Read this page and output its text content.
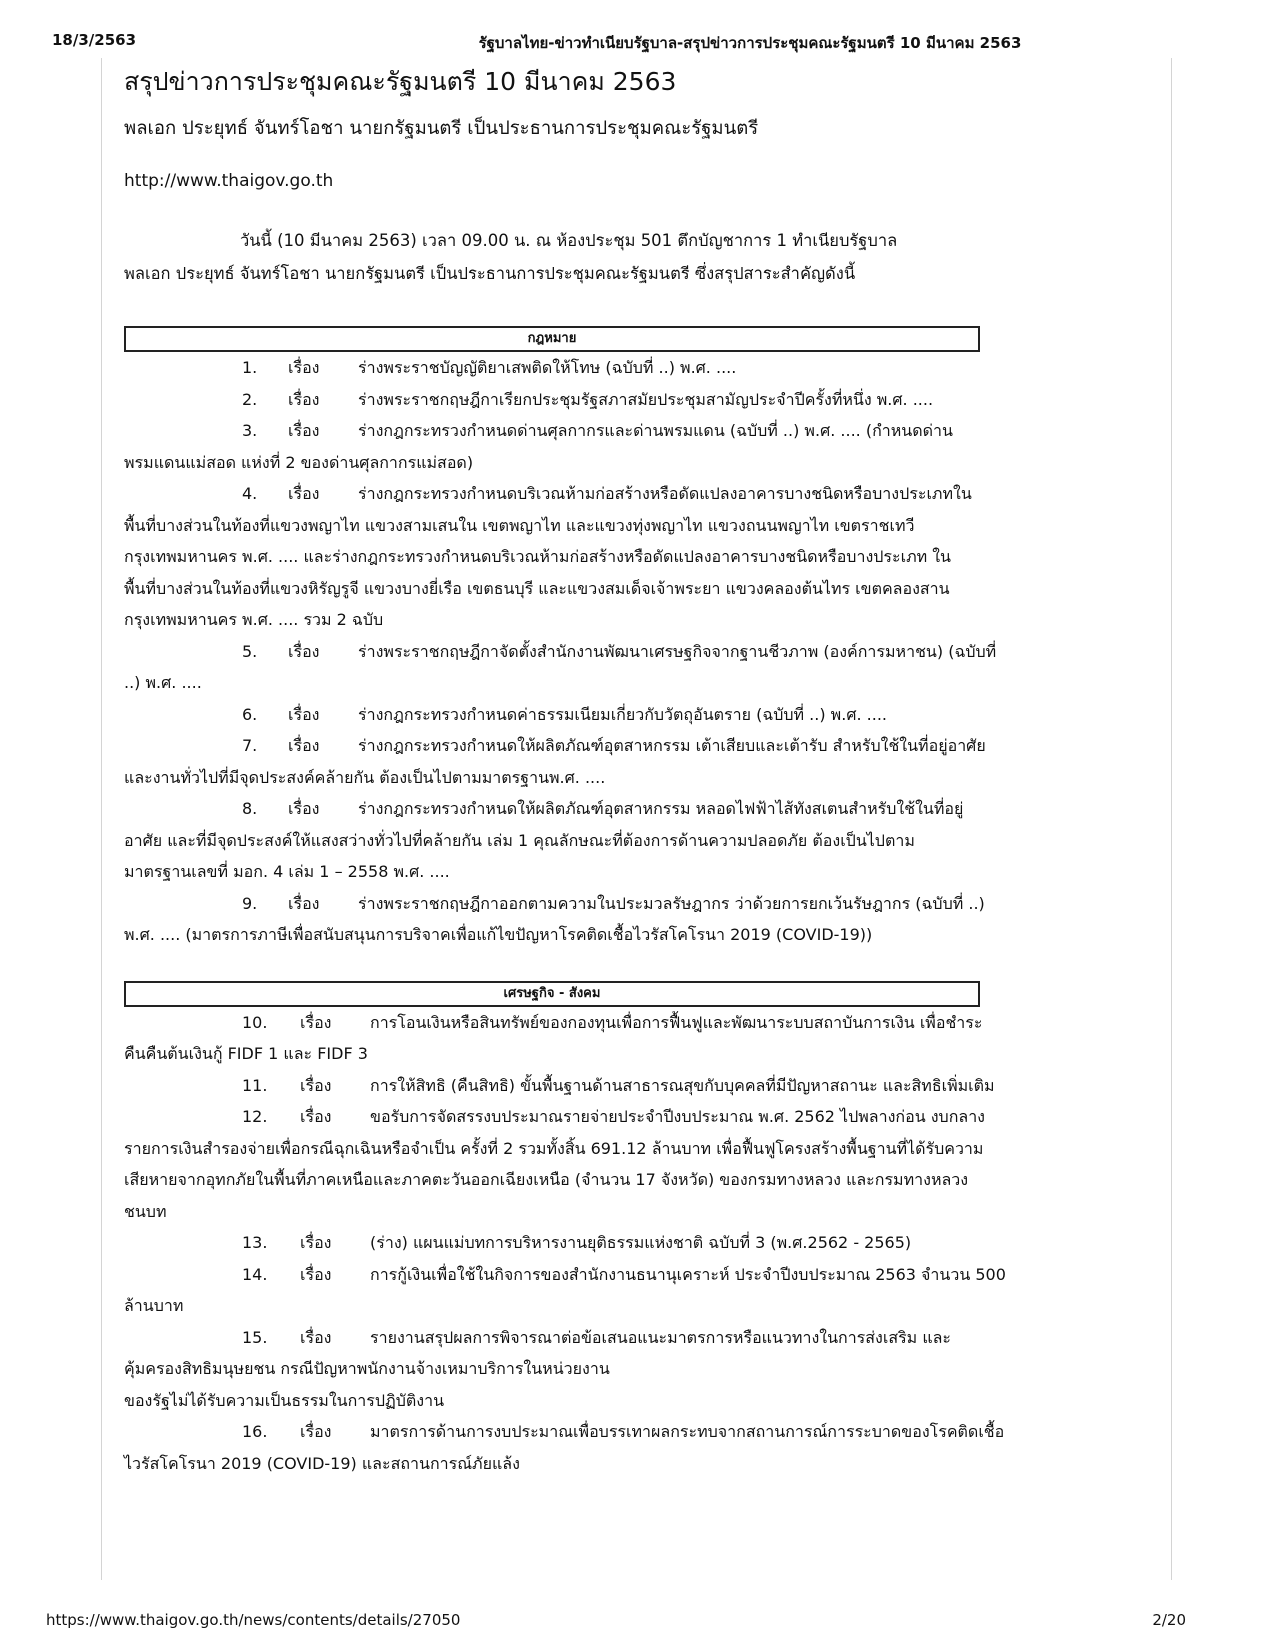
18/3/2563	รัฐบาลไทย-ข่าวทำเนียบรัฐบาล-สรุปข่าวการประชุมคณะรัฐมนตรี 10 มีนาคม 2563
สรุปข่าวการประชุมคณะรัฐมนตรี 10 มีนาคม 2563
พลเอก ประยุทธ์ จันทร์โอชา นายกรัฐมนตรี เป็นประธานการประชุมคณะรัฐมนตรี
http://www.thaigov.go.th
วันนี้ (10 มีนาคม 2563) เวลา 09.00 น. ณ ห้องประชุม 501 ตึกบัญชาการ 1 ทำเนียบรัฐบาล
พลเอก ประยุทธ์ จันทร์โอชา นายกรัฐมนตรี เป็นประธานการประชุมคณะรัฐมนตรี ซึ่งสรุปสาระสำคัญดังนี้
กฎหมาย
1. เรื่อง ร่างพระราชบัญญัติยาเสพติดให้โทษ (ฉบับที่ ..) พ.ศ. ....
2. เรื่อง ร่างพระราชกฤษฎีกาเรียกประชุมรัฐสภาสมัยประชุมสามัญประจำปีครั้งที่หนึ่ง พ.ศ. ....
3. เรื่อง ร่างกฎกระทรวงกำหนดด่านศุลกากรและด่านพรมแดน (ฉบับที่ ..) พ.ศ. .... (กำหนดด่าน
พรมแดนแม่สอด แห่งที่ 2 ของด่านศุลกากรแม่สอด)
4. เรื่อง ร่างกฎกระทรวงกำหนดบริเวณห้ามก่อสร้างหรือดัดแปลงอาคารบางชนิดหรือบางประเภทใน
พื้นที่บางส่วนในท้องที่แขวงพญาไท แขวงสามเสนใน เขตพญาไท และแขวงทุ่งพญาไท แขวงถนนพญาไท เขตราชเทวี
กรุงเทพมหานคร พ.ศ. .... และร่างกฎกระทรวงกำหนดบริเวณห้ามก่อสร้างหรือดัดแปลงอาคารบางชนิดหรือบางประเภท ใน
พื้นที่บางส่วนในท้องที่แขวงหิรัญรูจี แขวงบางยี่เรือ เขตธนบุรี และแขวงสมเด็จเจ้าพระยา แขวงคลองต้นไทร เขตคลองสาน
กรุงเทพมหานคร พ.ศ. .... รวม 2 ฉบับ
5. เรื่อง ร่างพระราชกฤษฎีกาจัดตั้งสำนักงานพัฒนาเศรษฐกิจจากฐานชีวภาพ (องค์การมหาชน) (ฉบับที่
..) พ.ศ. ....
6. เรื่อง ร่างกฎกระทรวงกำหนดค่าธรรมเนียมเกี่ยวกับวัตถุอันตราย (ฉบับที่ ..) พ.ศ. ....
7. เรื่อง ร่างกฎกระทรวงกำหนดให้ผลิตภัณฑ์อุตสาหกรรม เต้าเสียบและเต้ารับ สำหรับใช้ในที่อยู่อาศัย
และงานทั่วไปที่มีจุดประสงค์คล้ายกัน ต้องเป็นไปตามมาตรฐานพ.ศ. ....
8. เรื่อง ร่างกฎกระทรวงกำหนดให้ผลิตภัณฑ์อุตสาหกรรม หลอดไฟฟ้าไส้ทังสเตนสำหรับใช้ในที่อยู่
อาศัย และที่มีจุดประสงค์ให้แสงสว่างทั่วไปที่คล้ายกัน เล่ม 1 คุณลักษณะที่ต้องการด้านความปลอดภัย ต้องเป็นไปตาม
มาตรฐานเลขที่ มอก. 4 เล่ม 1 – 2558 พ.ศ. ....
9. เรื่อง ร่างพระราชกฤษฎีกาออกตามความในประมวลรัษฎากร ว่าด้วยการยกเว้นรัษฎากร (ฉบับที่ ..)
พ.ศ. .... (มาตรการภาษีเพื่อสนับสนุนการบริจาคเพื่อแก้ไขปัญหาโรคติดเชื้อไวรัสโคโรนา 2019 (COVID-19))
เศรษฐกิจ - สังคม
10. เรื่อง การโอนเงินหรือสินทรัพย์ของกองทุนเพื่อการฟื้นฟูและพัฒนาระบบสถาบันการเงิน เพื่อชำระ
คืนคืนต้นเงินกู้ FIDF 1 และ FIDF 3
11. เรื่อง การให้สิทธิ (คืนสิทธิ) ขั้นพื้นฐานด้านสาธารณสุขกับบุคคลที่มีปัญหาสถานะ และสิทธิเพิ่มเติม
12. เรื่อง ขอรับการจัดสรรงบประมาณรายจ่ายประจำปีงบประมาณ พ.ศ. 2562 ไปพลางก่อน งบกลาง
รายการเงินสำรองจ่ายเพื่อกรณีฉุกเฉินหรือจำเป็น ครั้งที่ 2 รวมทั้งสิ้น 691.12 ล้านบาท เพื่อฟื้นฟูโครงสร้างพื้นฐานที่ได้รับความ
เสียหายจากอุทกภัยในพื้นที่ภาคเหนือและภาคตะวันออกเฉียงเหนือ (จำนวน 17 จังหวัด) ของกรมทางหลวง และกรมทางหลวง
ชนบท
13. เรื่อง (ร่าง) แผนแม่บทการบริหารงานยุติธรรมแห่งชาติ ฉบับที่ 3 (พ.ศ.2562 - 2565)
14. เรื่อง การกู้เงินเพื่อใช้ในกิจการของสำนักงานธนานุเคราะห์ ประจำปีงบประมาณ 2563 จำนวน 500
ล้านบาท
15. เรื่อง รายงานสรุปผลการพิจารณาต่อข้อเสนอแนะมาตรการหรือแนวทางในการส่งเสริม และ
คุ้มครองสิทธิมนุษยชน กรณีปัญหาพนักงานจ้างเหมาบริการในหน่วยงาน
ของรัฐไม่ได้รับความเป็นธรรมในการปฏิบัติงาน
16. เรื่อง มาตรการด้านการงบประมาณเพื่อบรรเทาผลกระทบจากสถานการณ์การระบาดของโรคติดเชื้อ
ไวรัสโคโรนา 2019 (COVID-19) และสถานการณ์ภัยแล้ง
https://www.thaigov.go.th/news/contents/details/27050	2/20
